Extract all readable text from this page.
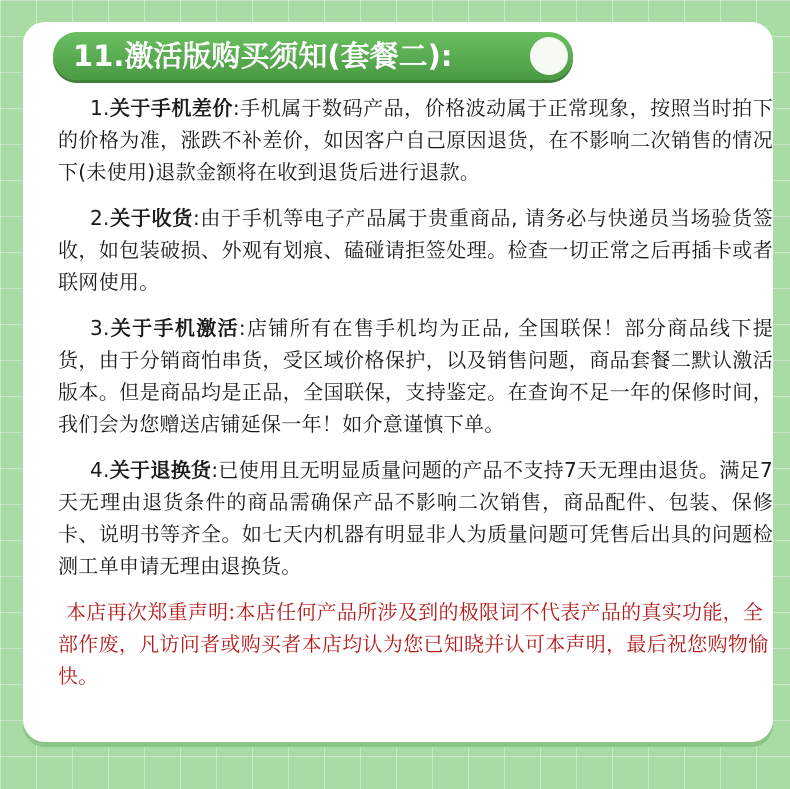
11.激活版购买须知(套餐二):

1.关于手机差价:手机属于数码产品，价格波动属于正常现象，按照当时拍下的价格为准，涨跌不补差价，如因客户自己原因退货，在不影响二次销售的情况下(未使用)退款金额将在收到退货后进行退款。

2.关于收货:由于手机等电子产品属于贵重商品, 请务必与快递员当场验货签收，如包装破损、外观有划痕、磕碰请拒签处理。检查一切正常之后再插卡或者联网使用。

3.关于手机激活:店铺所有在售手机均为正品, 全国联保！部分商品线下提货，由于分销商怕串货，受区域价格保护，以及销售问题，商品套餐二默认激活版本。但是商品均是正品，全国联保，支持鉴定。在查询不足一年的保修时间，我们会为您赠送店铺延保一年！如介意谨慎下单。

4.关于退换货:已使用且无明显质量问题的产品不支持7天无理由退货。满足7天无理由退货条件的商品需确保产品不影响二次销售，商品配件、包装、保修卡、说明书等齐全。如七天内机器有明显非人为质量问题可凭售后出具的问题检测工单申请无理由退换货。

本店再次郑重声明:本店任何产品所涉及到的极限词不代表产品的真实功能，全部作废，凡访问者或购买者本店均认为您已知晓并认可本声明，最后祝您购物愉快。
